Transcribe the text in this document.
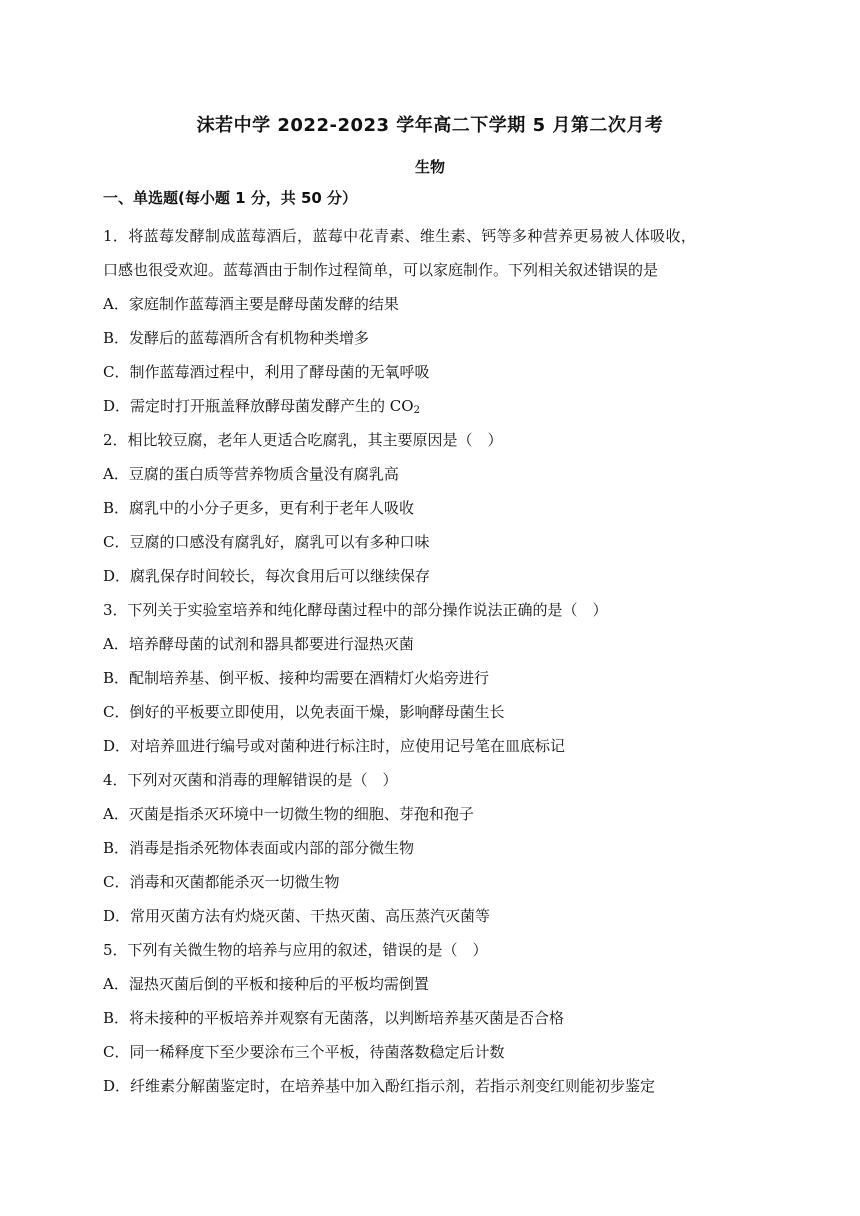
沫若中学 2022-2023 学年高二下学期 5 月第二次月考
生物
一、单选题(每小题 1 分，共 50 分）
1．将蓝莓发酵制成蓝莓酒后，蓝莓中花青素、维生素、钙等多种营养更易被人体吸收，
口感也很受欢迎。蓝莓酒由于制作过程简单，可以家庭制作。下列相关叙述错误的是
A．家庭制作蓝莓酒主要是酵母菌发酵的结果
B．发酵后的蓝莓酒所含有机物种类增多
C．制作蓝莓酒过程中，利用了酵母菌的无氧呼吸
D．需定时打开瓶盖释放酵母菌发酵产生的 $CO_2$
2．相比较豆腐，老年人更适合吃腐乳，其主要原因是（　）
A．豆腐的蛋白质等营养物质含量没有腐乳高
B．腐乳中的小分子更多，更有利于老年人吸收
C．豆腐的口感没有腐乳好，腐乳可以有多种口味
D．腐乳保存时间较长，每次食用后可以继续保存
3．下列关于实验室培养和纯化酵母菌过程中的部分操作说法正确的是（　）
A．培养酵母菌的试剂和器具都要进行湿热灭菌
B．配制培养基、倒平板、接种均需要在酒精灯火焰旁进行
C．倒好的平板要立即使用，以免表面干燥，影响酵母菌生长
D．对培养皿进行编号或对菌种进行标注时，应使用记号笔在皿底标记
4．下列对灭菌和消毒的理解错误的是（　）
A．灭菌是指杀灭环境中一切微生物的细胞、芽孢和孢子
B．消毒是指杀死物体表面或内部的部分微生物
C．消毒和灭菌都能杀灭一切微生物
D．常用灭菌方法有灼烧灭菌、干热灭菌、高压蒸汽灭菌等
5．下列有关微生物的培养与应用的叙述，错误的是（　）
A．湿热灭菌后倒的平板和接种后的平板均需倒置
B．将未接种的平板培养并观察有无菌落，以判断培养基灭菌是否合格
C．同一稀释度下至少要涂布三个平板，待菌落数稳定后计数
D．纤维素分解菌鉴定时，在培养基中加入酚红指示剂，若指示剂变红则能初步鉴定
